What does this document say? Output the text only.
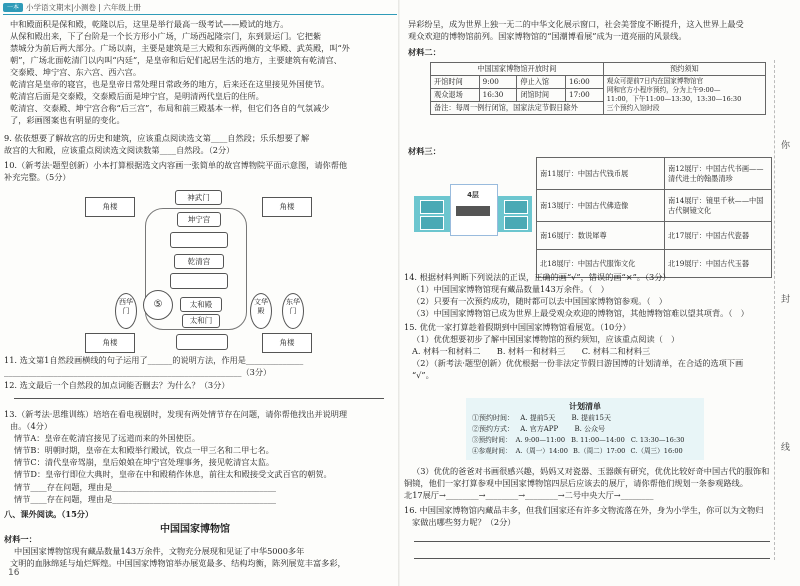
一本 小学语文期末|小测卷 | 六年级上册
中和殿面积是保和殿，乾隆以后，这里是举行最高一级考试——殿试的地方。
从保和殿出来，下了台阶是一个长方形小广场，广场西起隆宗门，东到景运门。它把紫
禁城分为前后两大部分。广场以南，主要是建筑是三大殿和东西两侧的文华殿、武英殿，叫“外
朝”，广场北面乾清门以内叫“内廷”，是皇帝和后妃们起居生活的地方，主要建筑有乾清宫、
交泰殿、坤宁宫、东六宫、西六宫。
乾清宫是皇帝的寝宫，也是皇帝日常处理日常政务的地方，后来还在这里接见外国使节。
乾清宫后面是交泰殿，交泰殿后面是坤宁宫，是明清两代皇后的住所。
乾清宫、交泰殿、坤宁宫合称“后三宫”，布局和前三殿基本一样，但它们各自的气氛减少
了，彩画图案也有明显的变化。
9. 依依想要了解故宫的历史和建筑，应该重点阅读选文第____自然段；乐乐想要了解
故宫的大和殿，应该重点阅读选文阅读数第____自然段。（2分）
10.（新考法·题型创新）小本打算根据选文内容画一张简单的故宫博物院平面示意图，请你帮他
补充完整。（5分）
角楼	角楼
角楼	角楼
神武门
坤宁宫
乾清宫
⑤	太和殿
太和门
西华门
文华殿
东华门
11. 选文第1自然段画横线的句子运用了______的说明方法，作用是______________
__________________________________________________________（3分）
12. 选文最后一个自然段的加点词能否删去？为什么？（3分）
13.（新考法·思维训练）培培在看电视剧时，发现有两处情节存在问题，请你帮他找出并说明理
由。（4分）
情节A：皇帝在乾清宫接见了远道而来的外国使臣。
情节B：明朝时期，皇帝在太和殿举行殿试，钦点一甲三名和二甲七名。
情节C：清代皇帝驾崩，皇后娘娘在坤宁宫处理事务，接见乾清宫太监。
情节D：皇帝行即位大典时，皇帝在中和殿稍作休息，前往太和殿接受文武百官的朝贺。
情节____存在问题，理由是________________________________________
情节____存在问题，理由是________________________________________
八、课外阅读。（15分）
中国国家博物馆
材料一：
中国国家博物馆现有藏品数量143万余件，文物充分展现和见证了中华5000多年
文明的血脉绵延与灿烂辉煌。中国国家博物馆举办展览最多、结构均衡，陈列展览丰富多彩，
16
异彩纷呈，成为世界上独一无二的中华文化展示窗口，社会美誉度不断提升，这入世界上最受
观众欢迎的博物馆前列。国家博物馆的“国潮博看展”成为一道亮丽的风景线。
材料二：
中国国家博物馆开放时间				预约须知
开馆时间	9:00	停止入馆	16:00	观众可提前7日内在国家博物馆官
网和官方小程序预约，分为上午9:00—
11:00，下午11:00—13:30，13:30—16:30
三个预约入馆时段

观众退场	16:30	闭馆时间	17:00	
备注：每周一例行闭馆，国家法定节假日除外				
材料三：
4层
南11展厅：中国古代钱币展	南12展厅：中国古代书画——清代进士的翰墨清珍
南13展厅：中国古代佛造像	南14展厅：镜里千秋——中国古代铜镜文化
南16展厅：数说犀尊	北17展厅：中国古代瓷器
北18展厅：中国古代服饰文化	北19展厅：中国古代玉器
14. 根据材料判断下列说法的正误，正确的画“√”，错误的画“×”。（3分）
（1）中国国家博物馆现有藏品数量143万余件。（　）
（2）只要有一次预约成功，随时都可以去中国国家博物馆参观。（　）
（3）中国国家博物馆已成为世界上最受观众欢迎的博物馆，其他博物馆难以望其项背。（　）
15. 优优一家打算趁着假期到中国国家博物馆看展览。（10分）
（1）优优想要初步了解中国国家博物馆的预约须知，应该重点阅读（　）
A. 材料一和材料二　　B. 材料一和材料三　　C. 材料二和材料三
（2）（新考法·题型创新）优优根据一份非法定节假日游国博的计划清单，在合适的选项下画
“√”。
计划清单
①预约时间： A. 提前5天 B. 提前15天
②预约方式： A. 官方APP B. 公众号
③预约时间： A. 9:00—11:00 B. 11:00—14:00 C. 13:30—16:30
④参观时间： A.（周一）14:00 B.（周二）17:00 C.（周三）16:00
（3）优优的爸爸对书画很感兴趣，妈妈又对瓷器、玉器颇有研究，优优比较好奇中国古代的服饰和
铜镜，他们一家打算参观中国国家博物馆四层后应该去的展厅，请你帮他们规划一条参观路线。
北17展厅→________→________→________→二号中央大厅→________
16. 中国国家博物馆内藏品丰多，但我们国家还有许多文物流落在外，身为小学生，你可以为文物归
家做出哪些努力呢？（2分）
你
封
线
